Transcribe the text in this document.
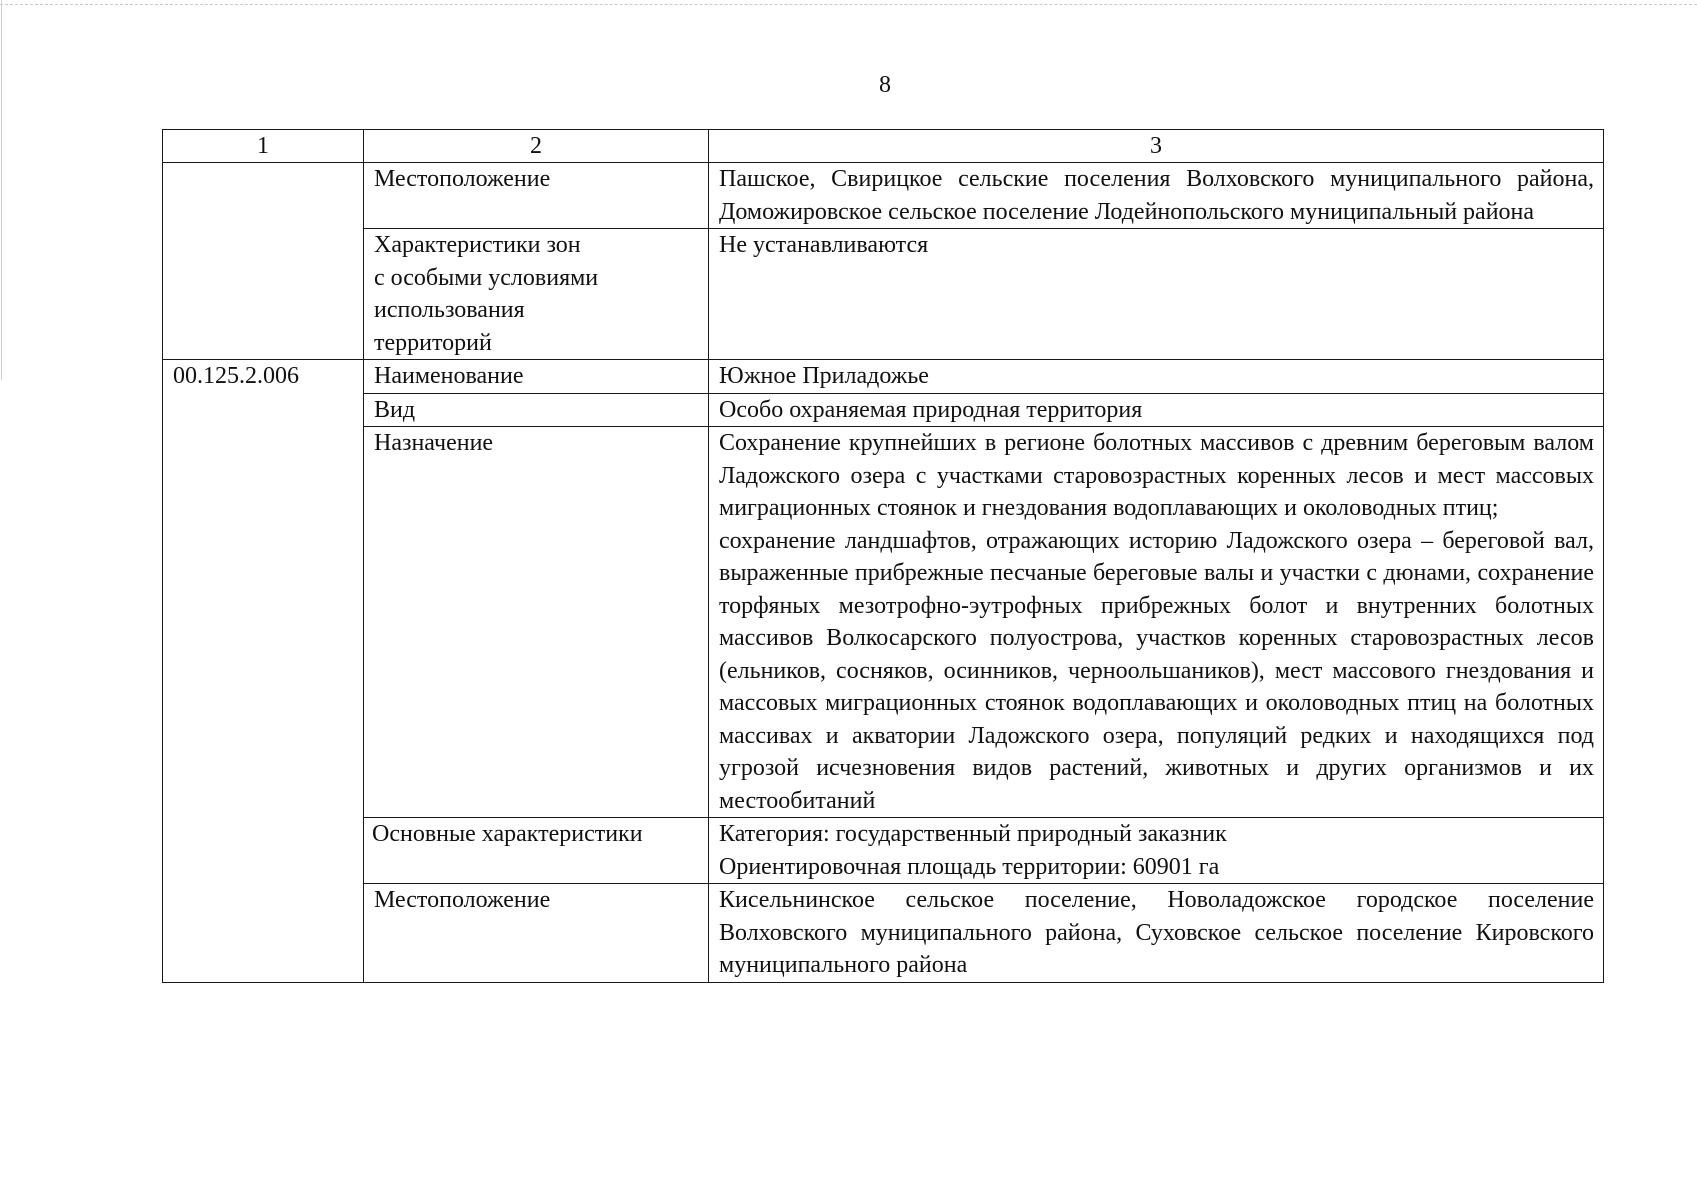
8
1	2	3
	Местоположение	Пашское, Свирицкое сельские поселения Волховского муниципального района, Доможировское сельское поселение Лодейнопольского муниципальный района

	Характеристики зон
с особыми условиями
использования
территорий	Не устанавливаются
00.125.2.006	Наименование	Южное Приладожье
	Вид	Особо охраняемая природная территория
	Назначение	Сохранение крупнейших в регионе болотных массивов с древним береговым валом Ладожского озера с участками старовозрастных коренных лесов и мест массовых миграционных стоянок и гнездования водоплавающих и околоводных птиц;
сохранение ландшафтов, отражающих историю Ладожского озера – береговой вал, выраженные прибрежные песчаные береговые валы и участки с дюнами, сохранение торфяных мезотрофно-эутрофных прибрежных болот и внутренних болотных массивов Волкосарского полуострова, участков коренных старовозрастных лесов (ельников, сосняков, осинников, черноольшаников), мест массового гнездования и массовых миграционных стоянок водоплавающих и околоводных птиц на болотных массивах и акватории Ладожского озера, популяций редких и находящихся под угрозой исчезновения видов растений, животных и других организмов и их местообитаний

	Основные характеристики	Категория: государственный природный заказник
Ориентировочная площадь территории: 60901 га

	Местоположение	Кисельнинское сельское поселение, Новоладожское городское поселение Волховского муниципального района, Суховское сельское поселение Кировского муниципального района
